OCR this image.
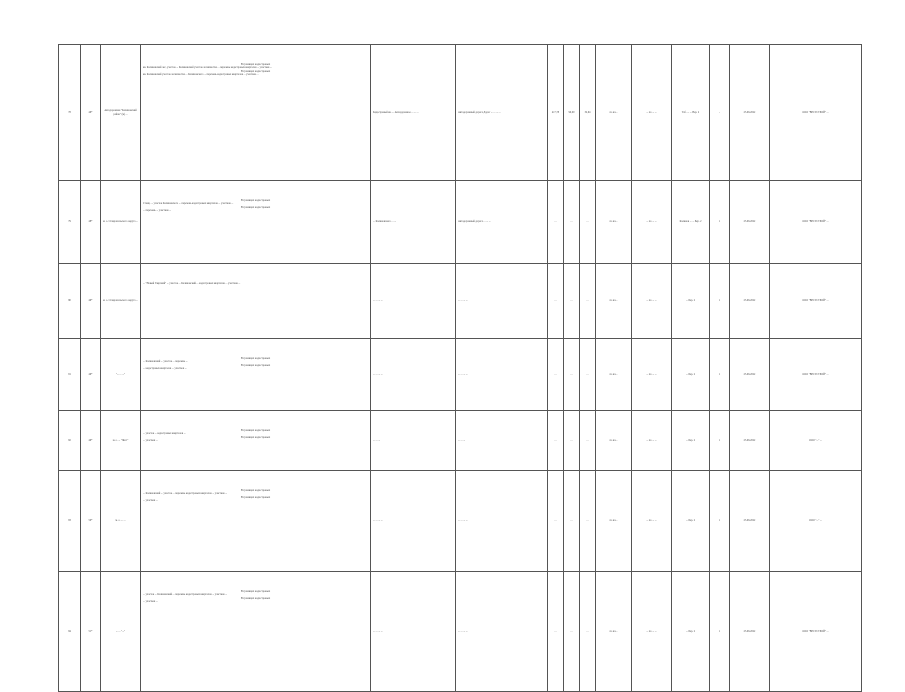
78	46*	Автодорожная "Калиновский район" (м) ...	В границах кадастровых
кв. Калиновский лес, участок ... Калиновский участок лесничества ... перечень кадастровых кварталов ... участков ...
В границах кадастровых
кв. Калиновский участок лесничества ... Калиновского ... перечень кадастровых кварталов ... участков ...	Кадастровый кв. ... Автодорожное ... ... ...	Автодорожный дорога Дорог ... ... ... ...	417,78	90,00	32,94	по вл...	... по ... ...	Тоб. ... ... Вер. 2	-	25.06.2022	ООО "ВЕСТСТРОЙ" ...
79	48*	м. о. Ставропольского округа ...	В границах кадастровых
Станц. ... участок Калиновского ... перечень кадастровых кварталов ... участков ...
В границах кадастровых
... перечень ... участков ...	... Калиновского ... ...	Автодорожный дорога ... ... ...	...	...	...	по вл...	... по ... ...	Калинов ... ... Бер. 2	1	25.06.2022	ООО "ВЕСТСТРОЙ" ...
80	49*	м. о. Ставропольского округа ...	... "Новый Гаврский" ... участок ... Калиновский ... кадастровых кварталов ... участков ...	... ... ... ...	... ... ... ...	...	...	...	по вл...	... по ... ...	... Бер. 2	1	25.06.2022	ООО "ВЕСТСТРОЙ" ...
81	49*	"... ... ..."	В границах кадастровых
... Калиновский ... участок ... перечень ...
В границах кадастровых
... кадастровых кварталов ... участков ...	... ... ... ...	... ... ... ...	...	...	...	по вл...	... по ... ...	... Бер. 2	1	25.06.2022	ООО "ВЕСТСТРОЙ" ...
82	49*	м. о. ... "Чист"	В границах кадастровых
... участок ... кадастровых кварталов ...
В границах кадастровых
... участков ...	... ... ...	... ... ...	...	...	...	по вл...	... по ... ...	... Бер. 2	1	25.06.2022	ООО "..." ...
83	50*	м. о. ... ...	В границах кадастровых
... Калиновский ... участок ... перечень кадастровых кварталов ... участков ...
В границах кадастровых
... участков ...	... ... ... ...	... ... ... ...	...	...	...	по вл...	... по ... ...	... Бер. 2	1	25.06.2022	ООО "..." ...
84	51*	... ... "..."	В границах кадастровых
... участок ... Калиновский ... перечень кадастровых кварталов ... участков ...
В границах кадастровых
... участков ...	... ... ... ...	... ... ... ...	...	...	...	по вл...	... по ... ...	... Бер. 2	1	25.06.2022	ООО "ВЕСТСТРОЙ" ...
